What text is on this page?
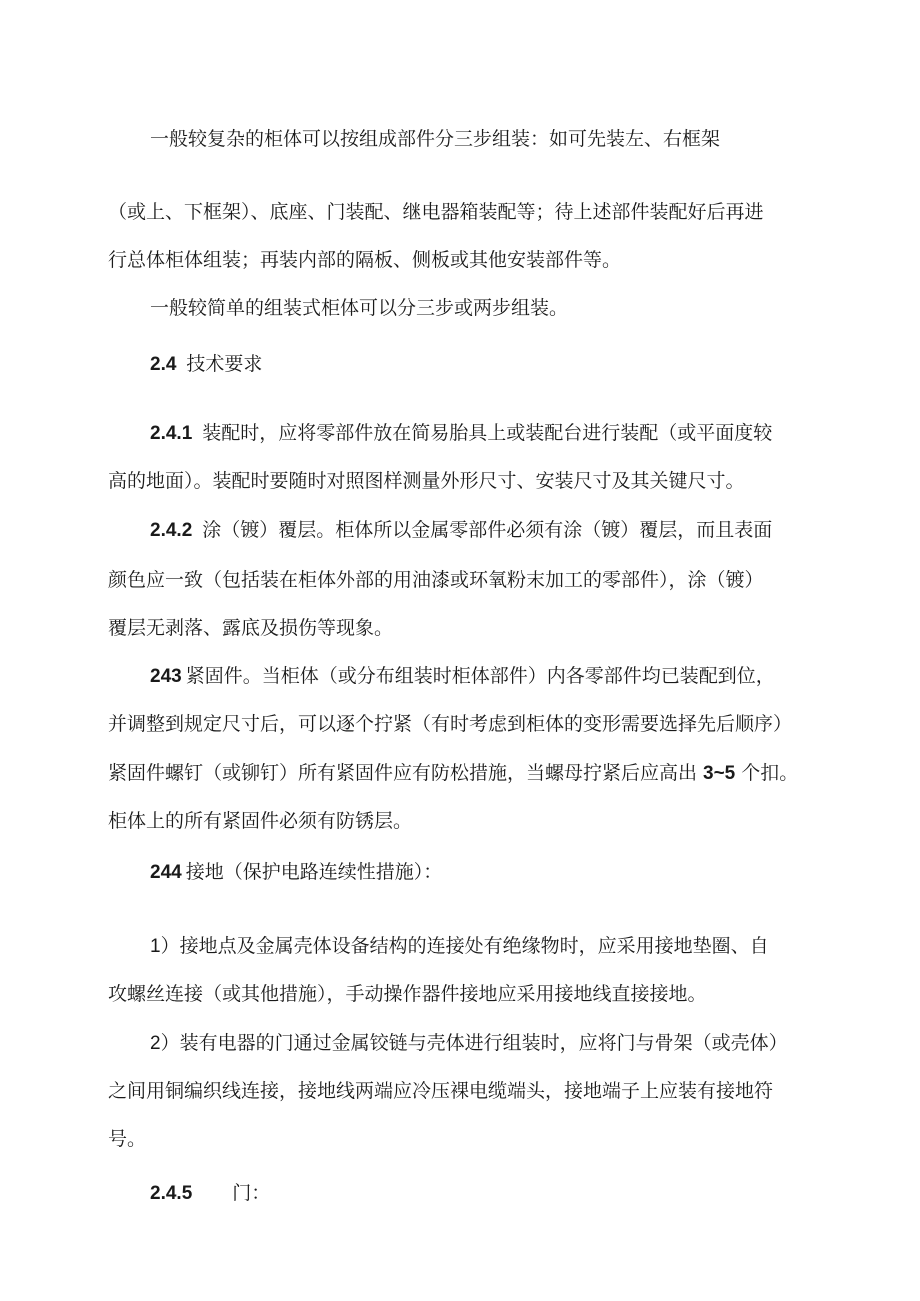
一般较复杂的柜体可以按组成部件分三步组装：如可先装左、右框架
（或上、下框架）、底座、门装配、继电器箱装配等；待上述部件装配好后再进
行总体柜体组装；再装内部的隔板、侧板或其他安装部件等。
一般较简单的组装式柜体可以分三步或两步组装。
2.4 技术要求
2.4.1 装配时，应将零部件放在简易胎具上或装配台进行装配（或平面度较
高的地面）。装配时要随时对照图样测量外形尺寸、安装尺寸及其关键尺寸。
2.4.2 涂（镀）覆层。柜体所以金属零部件必须有涂（镀）覆层，而且表面
颜色应一致（包括装在柜体外部的用油漆或环氧粉末加工的零部件），涂（镀）
覆层无剥落、露底及损伤等现象。
243 紧固件。当柜体（或分布组装时柜体部件）内各零部件均已装配到位，
并调整到规定尺寸后，可以逐个拧紧（有时考虑到柜体的变形需要选择先后顺序）
紧固件螺钉（或铆钉）所有紧固件应有防松措施，当螺母拧紧后应高出 3~5 个扣。
柜体上的所有紧固件必须有防锈层。
244 接地（保护电路连续性措施）：
1）接地点及金属壳体设备结构的连接处有绝缘物时，应采用接地垫圈、自
攻螺丝连接（或其他措施），手动操作器件接地应采用接地线直接接地。
2）装有电器的门通过金属铰链与壳体进行组装时，应将门与骨架（或壳体）
之间用铜编织线连接，接地线两端应冷压裸电缆端头，接地端子上应装有接地符
号。
2.4.5 门：
